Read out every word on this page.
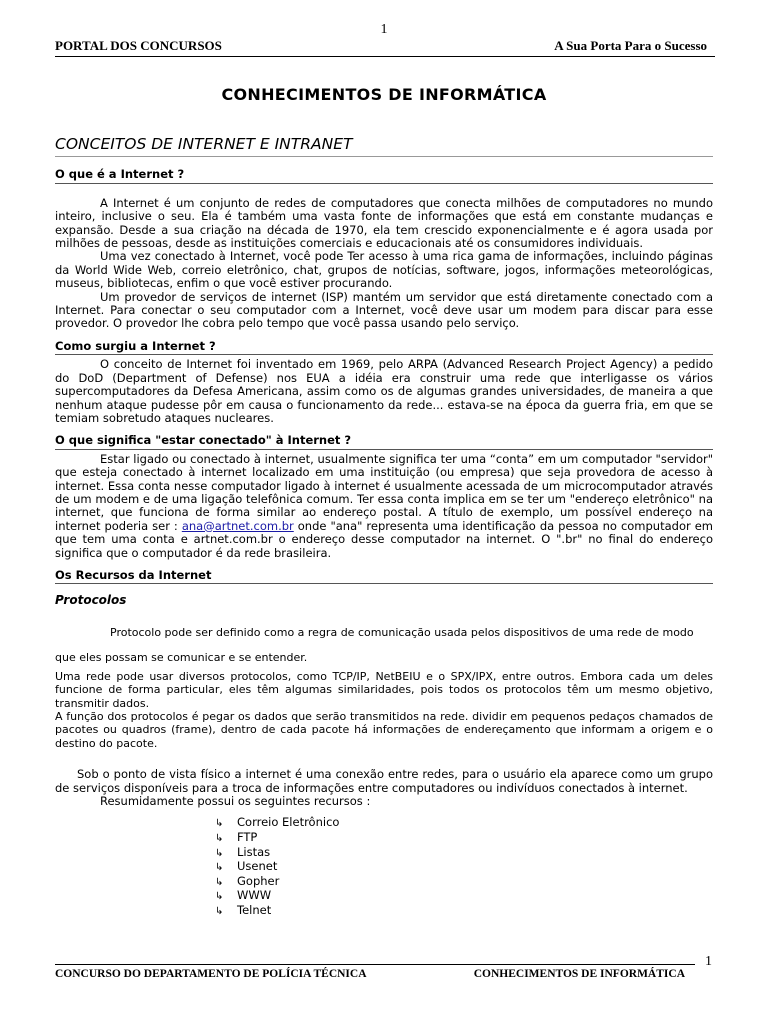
1
PORTAL DOS CONCURSOS	A Sua Porta Para o Sucesso
CONHECIMENTOS DE INFORMÁTICA
CONCEITOS DE INTERNET E INTRANET
O que é a Internet ?

A Internet é um conjunto de redes de computadores que conecta milhões de computadores no mundo inteiro, inclusive o seu. Ela é também uma vasta fonte de informações que está em constante mudanças e expansão. Desde a sua criação na década de 1970, ela tem crescido exponencialmente e é agora usada por milhões de pessoas, desde as instituições comerciais e educacionais até os consumidores individuais.

Uma vez conectado à Internet, você pode Ter acesso à uma rica gama de informações, incluindo páginas da World Wide Web, correio eletrônico, chat, grupos de notícias, software, jogos, informações meteorológicas, museus, bibliotecas, enfim o que você estiver procurando.

Um provedor de serviços de internet (ISP) mantém um servidor que está diretamente conectado com a Internet. Para conectar o seu computador com a Internet, você deve usar um modem para discar para esse provedor. O provedor lhe cobra pelo tempo que você passa usando pelo serviço.

Como surgiu a Internet ?

O conceito de Internet foi inventado em 1969, pelo ARPA (Advanced Research Project Agency) a pedido do DoD (Department of Defense) nos EUA a idéia era construir uma rede que interligasse os vários supercomputadores da Defesa Americana, assim como os de algumas grandes universidades, de maneira a que nenhum ataque pudesse pôr em causa o funcionamento da rede... estava-se na época da guerra fria, em que se temiam sobretudo ataques nucleares.

O que significa "estar conectado" à Internet ?

Estar ligado ou conectado à internet, usualmente significa ter uma “conta” em um computador "servidor" que esteja conectado à internet localizado em uma instituição (ou empresa) que seja provedora de acesso à internet. Essa conta nesse computador ligado à internet é usualmente acessada de um microcomputador através de um modem e de uma ligação telefônica comum. Ter essa conta implica em se ter um "endereço eletrônico" na internet, que funciona de forma similar ao endereço postal. A título de exemplo, um possível endereço na internet poderia ser : ana@artnet.com.br onde "ana" representa uma identificação da pessoa no computador em que tem uma conta e artnet.com.br o endereço desse computador na internet. O ".br" no final do endereço significa que o computador é da rede brasileira.

Os Recursos da Internet
Protocolos

Protocolo pode ser definido como a regra de comunicação usada pelos dispositivos de uma rede de modo que eles possam se comunicar e se entender.

Uma rede pode usar diversos protocolos, como TCP/IP, NetBEIU e o SPX/IPX, entre outros. Embora cada um deles funcione de forma particular, eles têm algumas similaridades, pois todos os protocolos têm um mesmo objetivo, transmitir dados.

A função dos protocolos é pegar os dados que serão transmitidos na rede. dividir em pequenos pedaços chamados de pacotes ou quadros (frame), dentro de cada pacote há informações de endereçamento que informam a origem e o destino do pacote.

Sob o ponto de vista físico a internet é uma conexão entre redes, para o usuário ela aparece como um grupo de serviços disponíveis para a troca de informações entre computadores ou indivíduos conectados à internet.

Resumidamente possui os seguintes recursos :

↳ Correio Eletrônico
↳ FTP
↳ Listas
↳ Usenet
↳ Gopher
↳ WWW
↳ Telnet
1
CONCURSO DO DEPARTAMENTO DE POLÍCIA TÉCNICA	CONHECIMENTOS DE INFORMÁTICA
